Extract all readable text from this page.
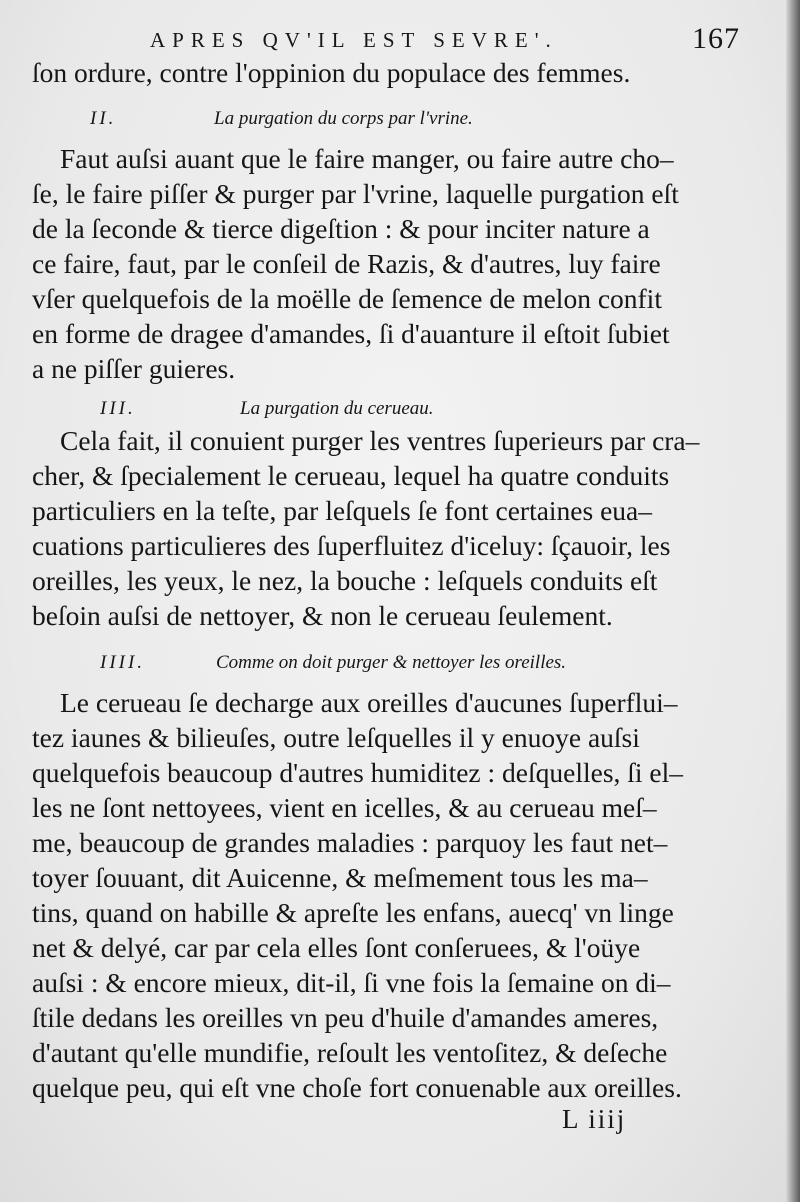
APRES QV'IL EST SEVRE'.	167
ſon ordure, contre l'oppinion du populace des femmes.
II.	La purgation du corps par l'vrine.
Faut auſsi auant que le faire manger, ou faire autre cho–
ſe, le faire piſſer & purger par l'vrine, laquelle purgation eſt
de la ſeconde & tierce digeſtion : & pour inciter nature a
ce faire, faut, par le conſeil de Razis, & d'autres, luy faire
vſer quelquefois de la moëlle de ſemence de melon confit
en forme de dragee d'amandes, ſi d'auanture il eſtoit ſubiet
a ne piſſer guieres.
III.	La purgation du cerueau.
Cela fait, il conuient purger les ventres ſuperieurs par cra–
cher, & ſpecialement le cerueau, lequel ha quatre conduits
particuliers en la teſte, par leſquels ſe font certaines eua–
cuations particulieres des ſuperfluitez d'iceluy: ſçauoir, les
oreilles, les yeux, le nez, la bouche : leſquels conduits eſt
beſoin auſsi de nettoyer, & non le cerueau ſeulement.
IIII.	Comme on doit purger & nettoyer les oreilles.
Le cerueau ſe decharge aux oreilles d'aucunes ſuperflui–
tez iaunes & bilieuſes, outre leſquelles il y enuoye auſsi
quelquefois beaucoup d'autres humiditez : deſquelles, ſi el–
les ne ſont nettoyees, vient en icelles, & au cerueau meſ–
me, beaucoup de grandes maladies : parquoy les faut net–
toyer ſouuant, dit Auicenne, & meſmement tous les ma–
tins, quand on habille & apreſte les enfans, auecq' vn linge
net & delyé, car par cela elles ſont conſeruees, & l'oüye
auſsi : & encore mieux, dit-il, ſi vne fois la ſemaine on di–
ſtile dedans les oreilles vn peu d'huile d'amandes ameres,
d'autant qu'elle mundifie, reſoult les ventoſitez, & deſeche
quelque peu, qui eſt vne choſe fort conuenable aux oreilles.
L iiij
